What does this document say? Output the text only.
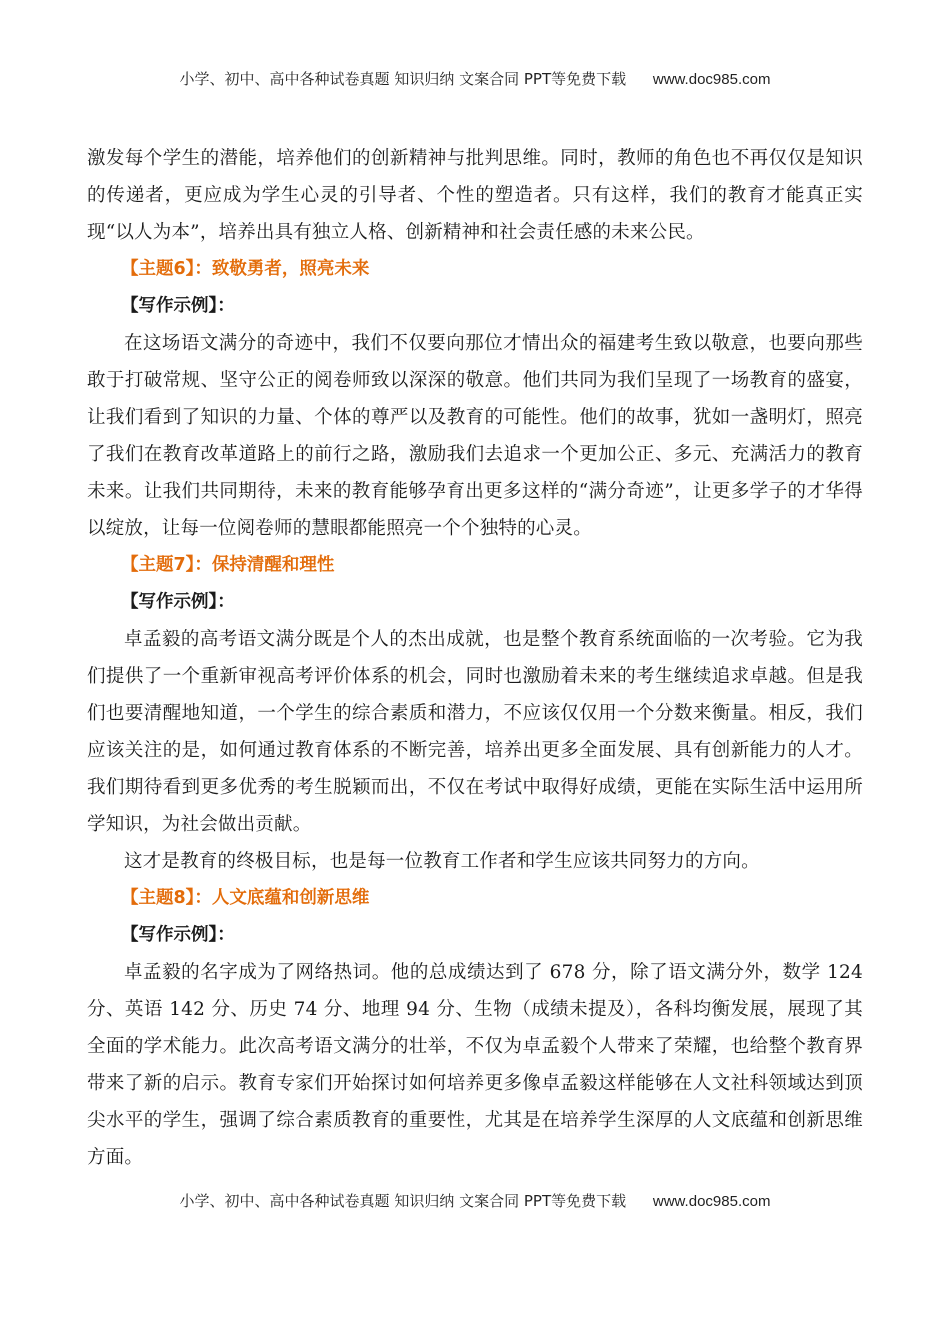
小学、初中、高中各种试卷真题 知识归纳 文案合同 PPT等免费下载 www.doc985.com

激发每个学生的潜能，培养他们的创新精神与批判思维。同时，教师的角色也不再仅仅是知识的传递者，更应成为学生心灵的引导者、个性的塑造者。只有这样，我们的教育才能真正实现“以人为本”，培养出具有独立人格、创新精神和社会责任感的未来公民。

【主题6】：致敬勇者，照亮未来

【写作示例】：

在这场语文满分的奇迹中，我们不仅要向那位才情出众的福建考生致以敬意，也要向那些敢于打破常规、坚守公正的阅卷师致以深深的敬意。他们共同为我们呈现了一场教育的盛宴，让我们看到了知识的力量、个体的尊严以及教育的可能性。他们的故事，犹如一盏明灯，照亮了我们在教育改革道路上的前行之路，激励我们去追求一个更加公正、多元、充满活力的教育未来。让我们共同期待，未来的教育能够孕育出更多这样的“满分奇迹”，让更多学子的才华得以绽放，让每一位阅卷师的慧眼都能照亮一个个独特的心灵。

【主题7】：保持清醒和理性

【写作示例】：

卓孟毅的高考语文满分既是个人的杰出成就，也是整个教育系统面临的一次考验。它为我们提供了一个重新审视高考评价体系的机会，同时也激励着未来的考生继续追求卓越。但是我们也要清醒地知道，一个学生的综合素质和潜力，不应该仅仅用一个分数来衡量。相反，我们应该关注的是，如何通过教育体系的不断完善，培养出更多全面发展、具有创新能力的人才。我们期待看到更多优秀的考生脱颖而出，不仅在考试中取得好成绩，更能在实际生活中运用所学知识，为社会做出贡献。

这才是教育的终极目标，也是每一位教育工作者和学生应该共同努力的方向。

【主题8】：人文底蕴和创新思维

【写作示例】：

卓孟毅的名字成为了网络热词。他的总成绩达到了 678 分，除了语文满分外，数学 124 分、英语 142 分、历史 74 分、地理 94 分、生物（成绩未提及），各科均衡发展，展现了其全面的学术能力。此次高考语文满分的壮举，不仅为卓孟毅个人带来了荣耀，也给整个教育界带来了新的启示。教育专家们开始探讨如何培养更多像卓孟毅这样能够在人文社科领域达到顶尖水平的学生，强调了综合素质教育的重要性，尤其是在培养学生深厚的人文底蕴和创新思维方面。

小学、初中、高中各种试卷真题 知识归纳 文案合同 PPT等免费下载 www.doc985.com
